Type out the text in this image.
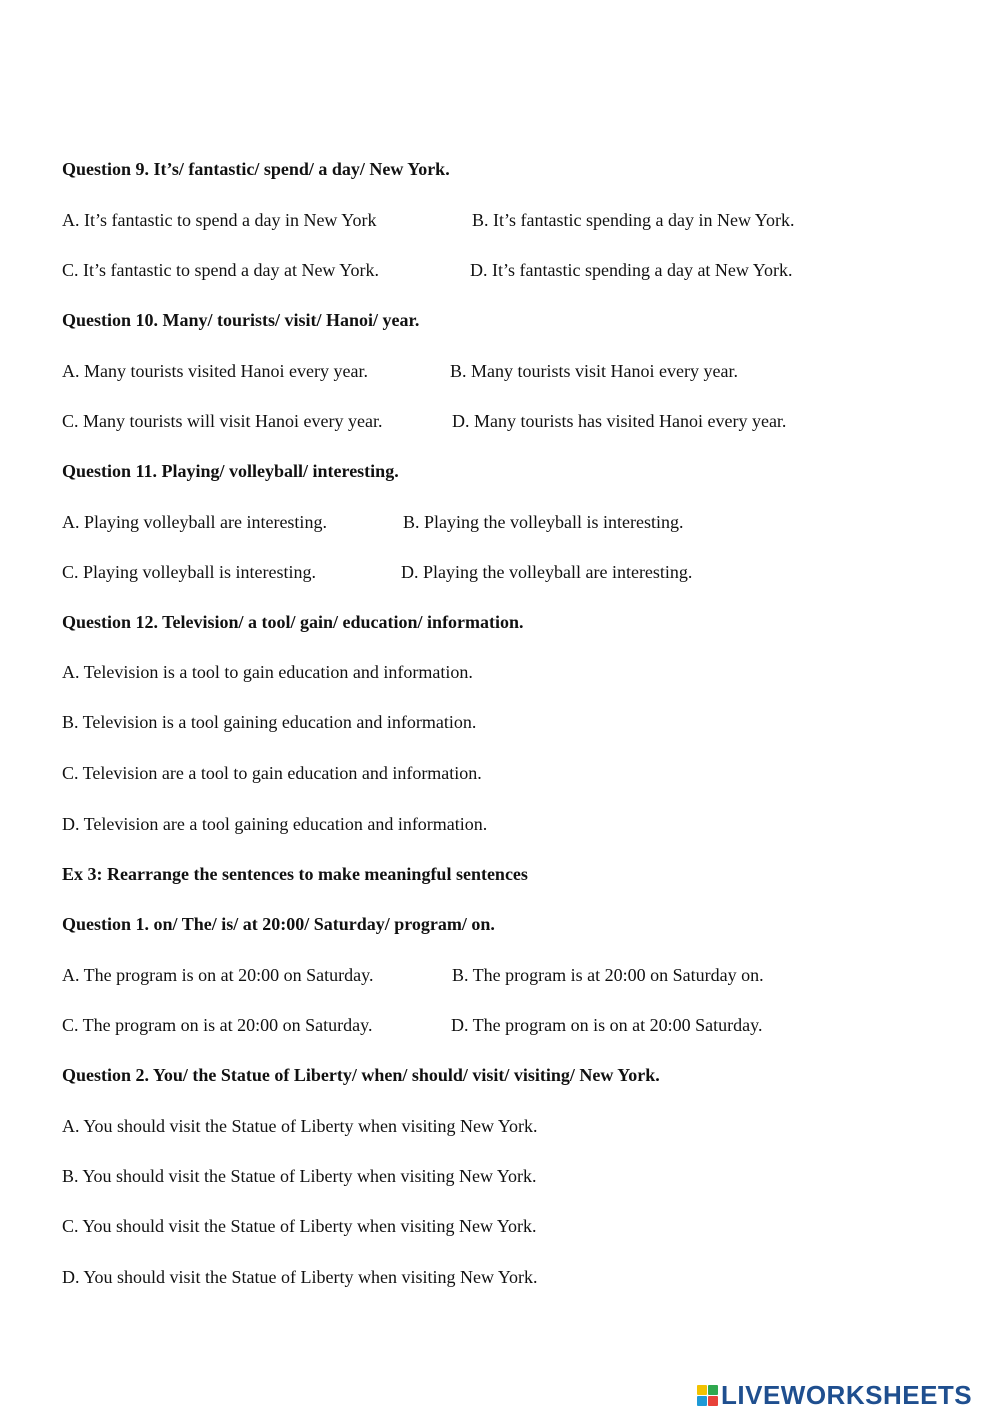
Question 9. It’s/ fantastic/ spend/ a day/ New York.
A. It’s fantastic to spend a day in New York	B. It’s fantastic spending a day in New York.
C. It’s fantastic to spend a day at New York.	D. It’s fantastic spending a day at New York.
Question 10. Many/ tourists/ visit/ Hanoi/ year.
A. Many tourists visited Hanoi every year.	B. Many tourists visit Hanoi every year.
C. Many tourists will visit Hanoi every year.	D. Many tourists has visited Hanoi every year.
Question 11. Playing/ volleyball/ interesting.
A. Playing volleyball are interesting.	B. Playing the volleyball is interesting.
C. Playing volleyball is interesting.	D. Playing the volleyball are interesting.
Question 12. Television/ a tool/ gain/ education/ information.
A. Television is a tool to gain education and information.
B. Television is a tool gaining education and information.
C. Television are a tool to gain education and information.
D. Television are a tool gaining education and information.
Ex 3: Rearrange the sentences to make meaningful sentences
Question 1. on/ The/ is/ at 20:00/ Saturday/ program/ on.
A. The program is on at 20:00 on Saturday.	B. The program is at 20:00 on Saturday on.
C. The program on is at 20:00 on Saturday.	D. The program on is on at 20:00 Saturday.
Question 2. You/ the Statue of Liberty/ when/ should/ visit/ visiting/ New York.
A. You should visit the Statue of Liberty when visiting New York.
B. You should visit the Statue of Liberty when visiting New York.
C. You should visit the Statue of Liberty when visiting New York.
D. You should visit the Statue of Liberty when visiting New York.
LIVEWORKSHEETS
